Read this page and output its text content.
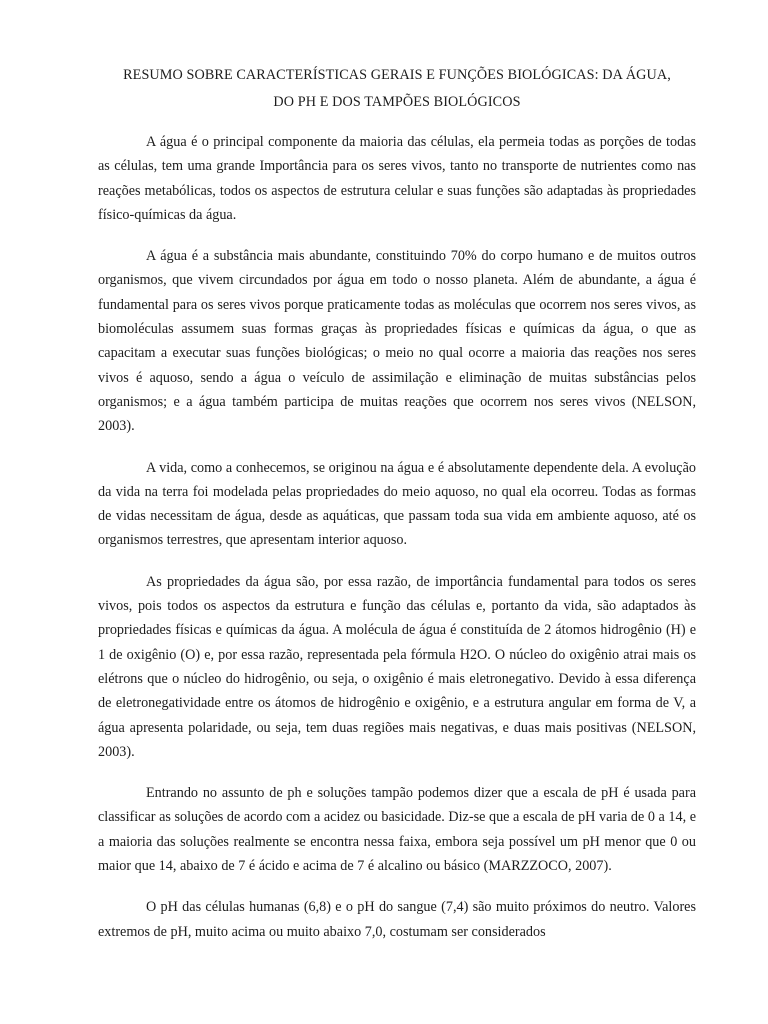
RESUMO SOBRE CARACTERÍSTICAS GERAIS E FUNÇÕES BIOLÓGICAS: DA ÁGUA,
DO PH E DOS TAMPÕES BIOLÓGICOS

A água é o principal componente da maioria das células, ela permeia todas as porções de todas as células, tem uma grande Importância para os seres vivos, tanto no transporte de nutrientes como nas reações metabólicas, todos os aspectos de estrutura celular e suas funções são adaptadas às propriedades físico-químicas da água.

A água é a substância mais abundante, constituindo 70% do corpo humano e de muitos outros organismos, que vivem circundados por água em todo o nosso planeta. Além de abundante, a água é fundamental para os seres vivos porque praticamente todas as moléculas que ocorrem nos seres vivos, as biomoléculas assumem suas formas graças às propriedades físicas e químicas da água, o que as capacitam a executar suas funções biológicas; o meio no qual ocorre a maioria das reações nos seres vivos é aquoso, sendo a água o veículo de assimilação e eliminação de muitas substâncias pelos organismos; e a água também participa de muitas reações que ocorrem nos seres vivos (NELSON, 2003).

A vida, como a conhecemos, se originou na água e é absolutamente dependente dela. A evolução da vida na terra foi modelada pelas propriedades do meio aquoso, no qual ela ocorreu. Todas as formas de vidas necessitam de água, desde as aquáticas, que passam toda sua vida em ambiente aquoso, até os organismos terrestres, que apresentam interior aquoso.

As propriedades da água são, por essa razão, de importância fundamental para todos os seres vivos, pois todos os aspectos da estrutura e função das células e, portanto da vida, são adaptados às propriedades físicas e químicas da água. A molécula de água é constituída de 2 átomos hidrogênio (H) e 1 de oxigênio (O) e, por essa razão, representada pela fórmula H2O. O núcleo do oxigênio atrai mais os elétrons que o núcleo do hidrogênio, ou seja, o oxigênio é mais eletronegativo. Devido à essa diferença de eletronegatividade entre os átomos de hidrogênio e oxigênio, e a estrutura angular em forma de V, a água apresenta polaridade, ou seja, tem duas regiões mais negativas, e duas mais positivas (NELSON, 2003).

Entrando no assunto de ph e soluções tampão podemos dizer que a escala de pH é usada para classificar as soluções de acordo com a acidez ou basicidade. Diz-se que a escala de pH varia de 0 a 14, e a maioria das soluções realmente se encontra nessa faixa, embora seja possível um pH menor que 0 ou maior que 14, abaixo de 7 é ácido e acima de 7 é alcalino ou básico (MARZZOCO, 2007).

O pH das células humanas (6,8) e o pH do sangue (7,4) são muito próximos do neutro. Valores extremos de pH, muito acima ou muito abaixo 7,0, costumam ser considerados
